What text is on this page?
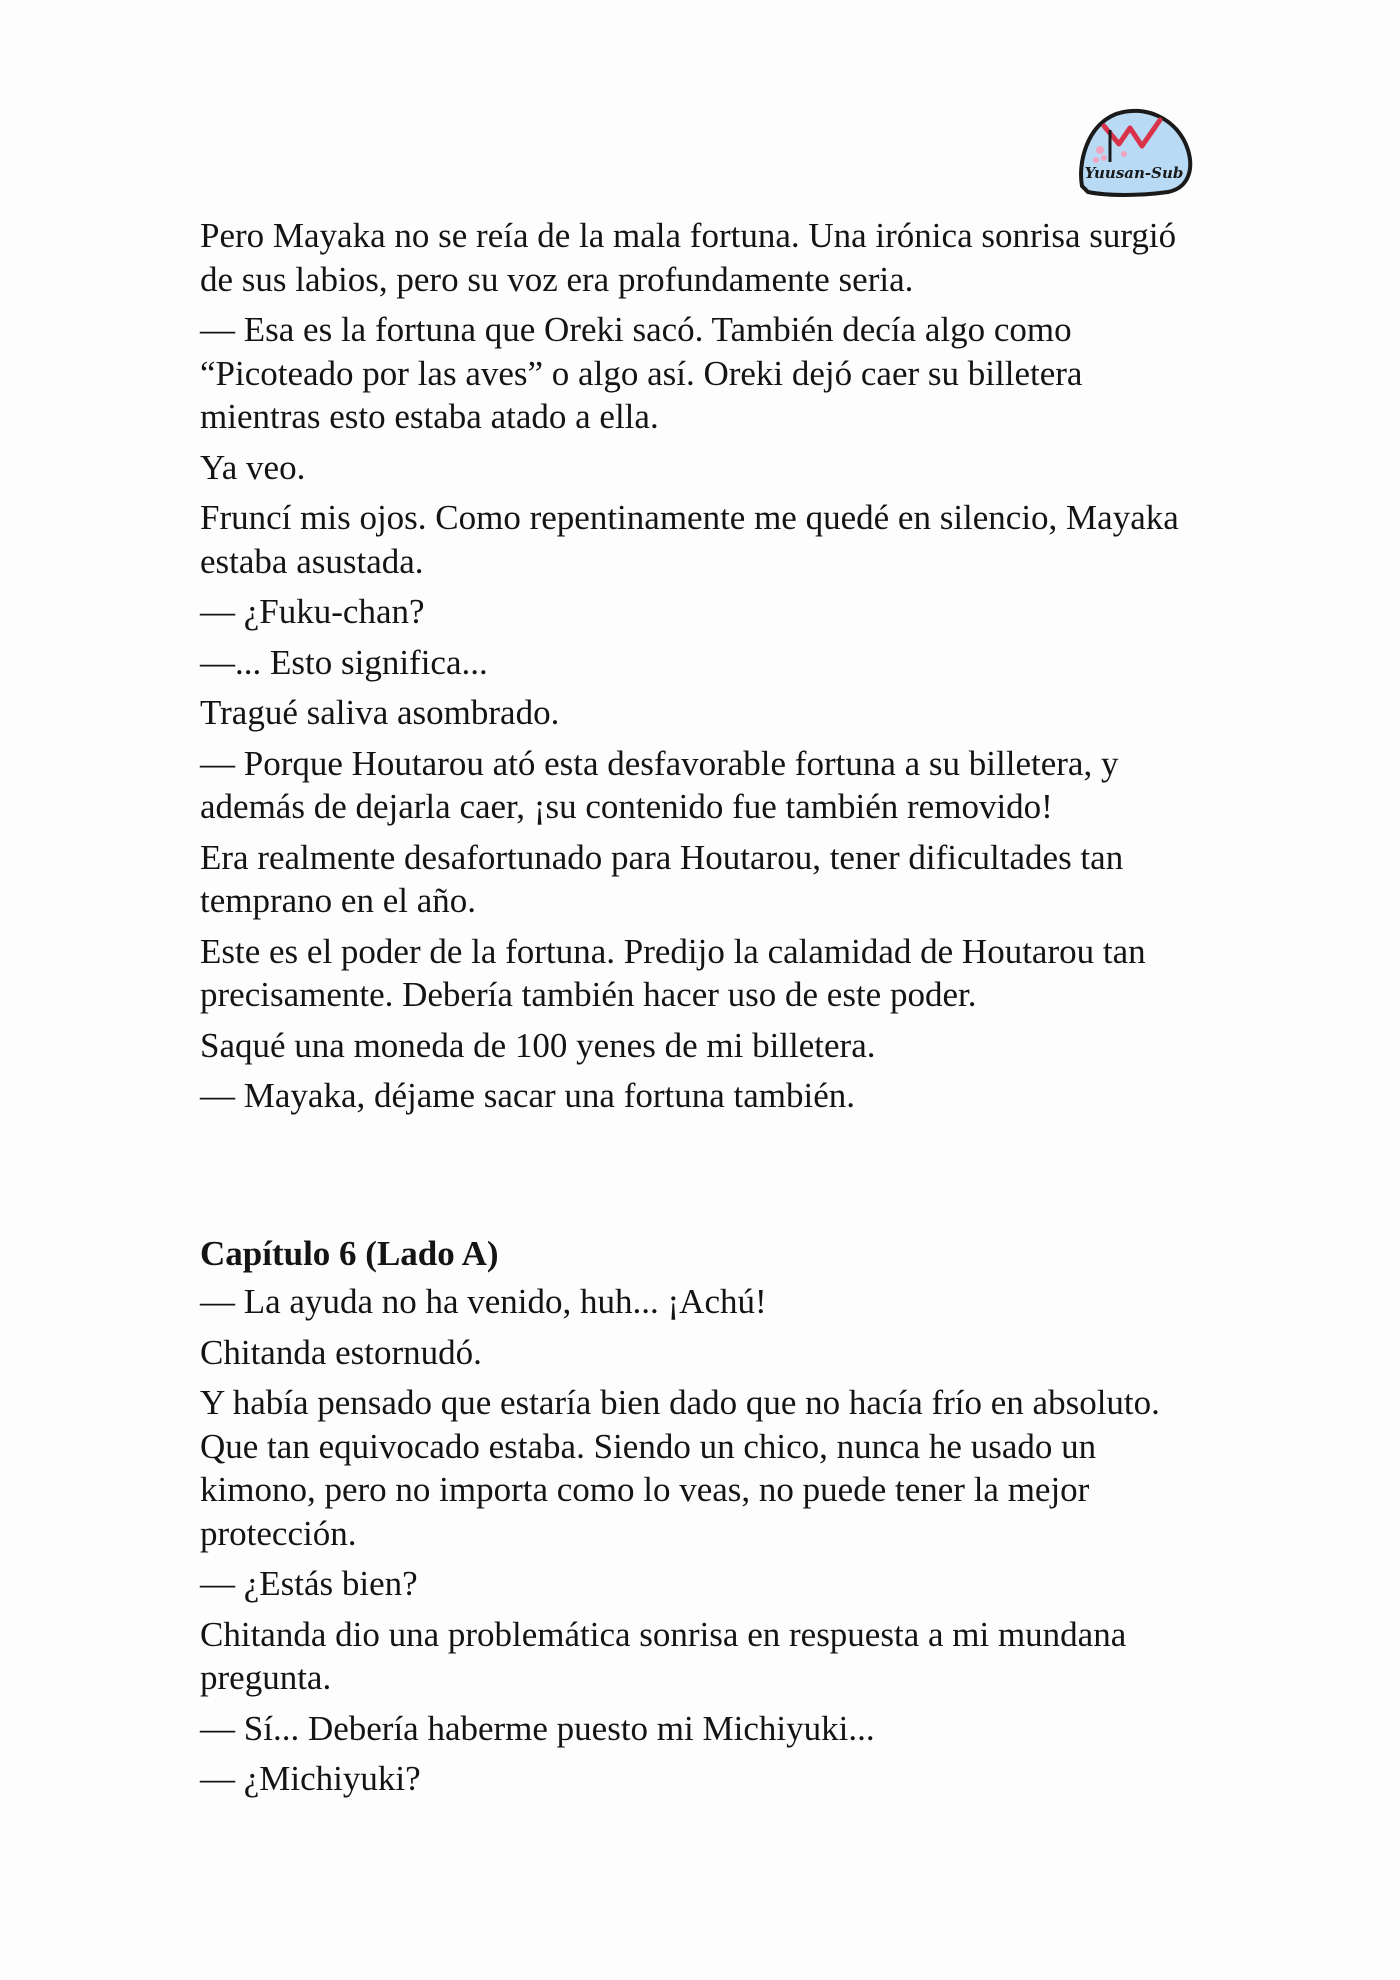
Yuusan-Sub

Pero Mayaka no se reía de la mala fortuna. Una irónica sonrisa surgió de sus labios, pero su voz era profundamente seria.

— Esa es la fortuna que Oreki sacó. También decía algo como “Picoteado por las aves” o algo así. Oreki dejó caer su billetera mientras esto estaba atado a ella.

Ya veo.

Fruncí mis ojos. Como repentinamente me quedé en silencio, Mayaka estaba asustada.

— ¿Fuku-chan?

—... Esto significa...

Tragué saliva asombrado.

— Porque Houtarou ató esta desfavorable fortuna a su billetera, y además de dejarla caer, ¡su contenido fue también removido!

Era realmente desafortunado para Houtarou, tener dificultades tan temprano en el año.

Este es el poder de la fortuna. Predijo la calamidad de Houtarou tan precisamente. Debería también hacer uso de este poder.

Saqué una moneda de 100 yenes de mi billetera.

— Mayaka, déjame sacar una fortuna también.

Capítulo 6 (Lado A)

— La ayuda no ha venido, huh... ¡Achú!

Chitanda estornudó.

Y había pensado que estaría bien dado que no hacía frío en absoluto. Que tan equivocado estaba. Siendo un chico, nunca he usado un kimono, pero no importa como lo veas, no puede tener la mejor protección.

— ¿Estás bien?

Chitanda dio una problemática sonrisa en respuesta a mi mundana pregunta.

— Sí... Debería haberme puesto mi Michiyuki...

— ¿Michiyuki?
